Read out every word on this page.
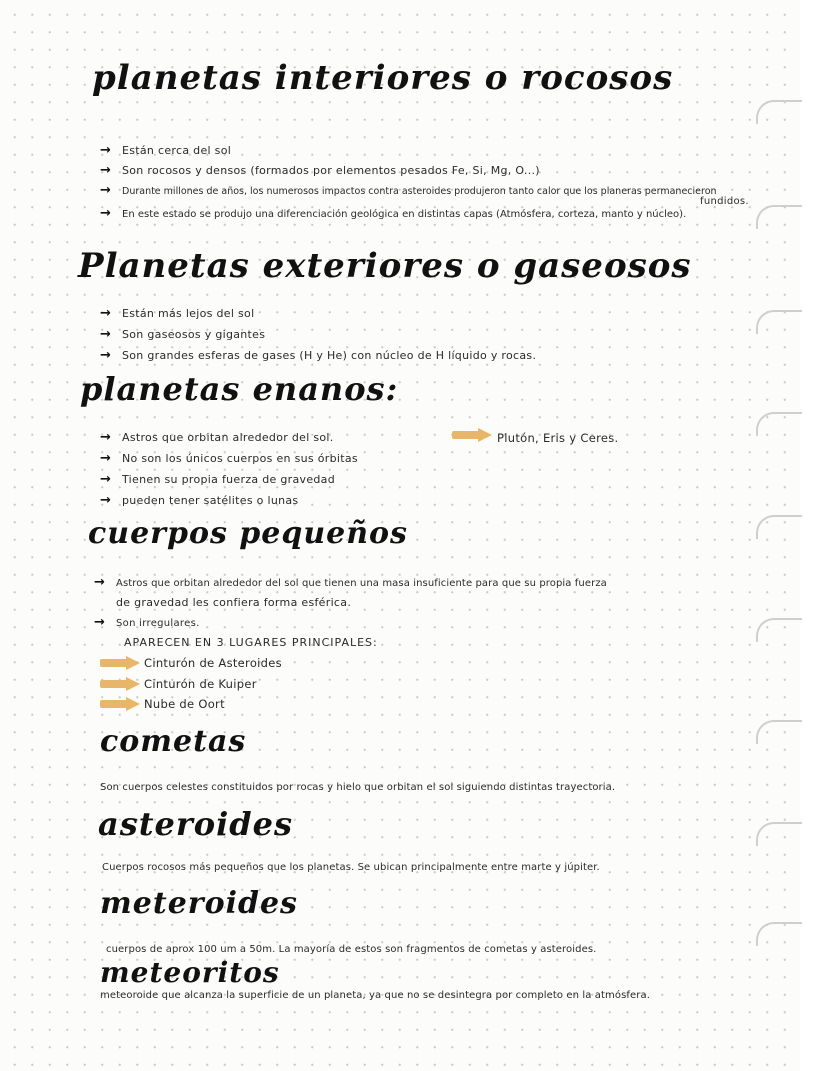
planetas interiores o rocosos
→ Están cerca del sol
→ Son rocosos y densos (formados por elementos pesados Fe, Si, Mg, O...)
→ Durante millones de años, los numerosos impactos contra asteroides produjeron tanto calor que los planeras permanecieron
fundidos.
→ En este estado se produjo una diferenciación geológica en distintas capas (Atmósfera, corteza, manto y núcleo).
Planetas exteriores o gaseosos
→ Están más lejos del sol
→ Son gaseosos y gigantes
→ Son grandes esferas de gases (H y He) con núcleo de H líquido y rocas.
planetas enanos:
→ Astros que orbitan alrededor del sol.	Plutón, Eris y Ceres.
→ No son los únicos cuerpos en sus órbitas
→ Tienen su propia fuerza de gravedad
→ pueden tener satélites o lunas
cuerpos pequeños
→ Astros que orbitan alrededor del sol que tienen una masa insuficiente para que su propia fuerza
de gravedad les confiera forma esférica.
→ Son irregulares.
APARECEN EN 3 LUGARES PRINCIPALES:
Cinturón de Asteroides
Cinturón de Kuiper
Nube de Oort
cometas
Son cuerpos celestes constituidos por rocas y hielo que orbitan el sol siguiendo distintas trayectoria.
asteroides
Cuerpos rocosos más pequeños que los planetas. Se ubican principalmente entre marte y júpiter.
meteroides
cuerpos de aprox 100 um a 50m. La mayoría de estos son fragmentos de cometas y asteroides.
meteoritos
meteoroide que alcanza la superficie de un planeta, ya que no se desintegra por completo en la atmósfera.
